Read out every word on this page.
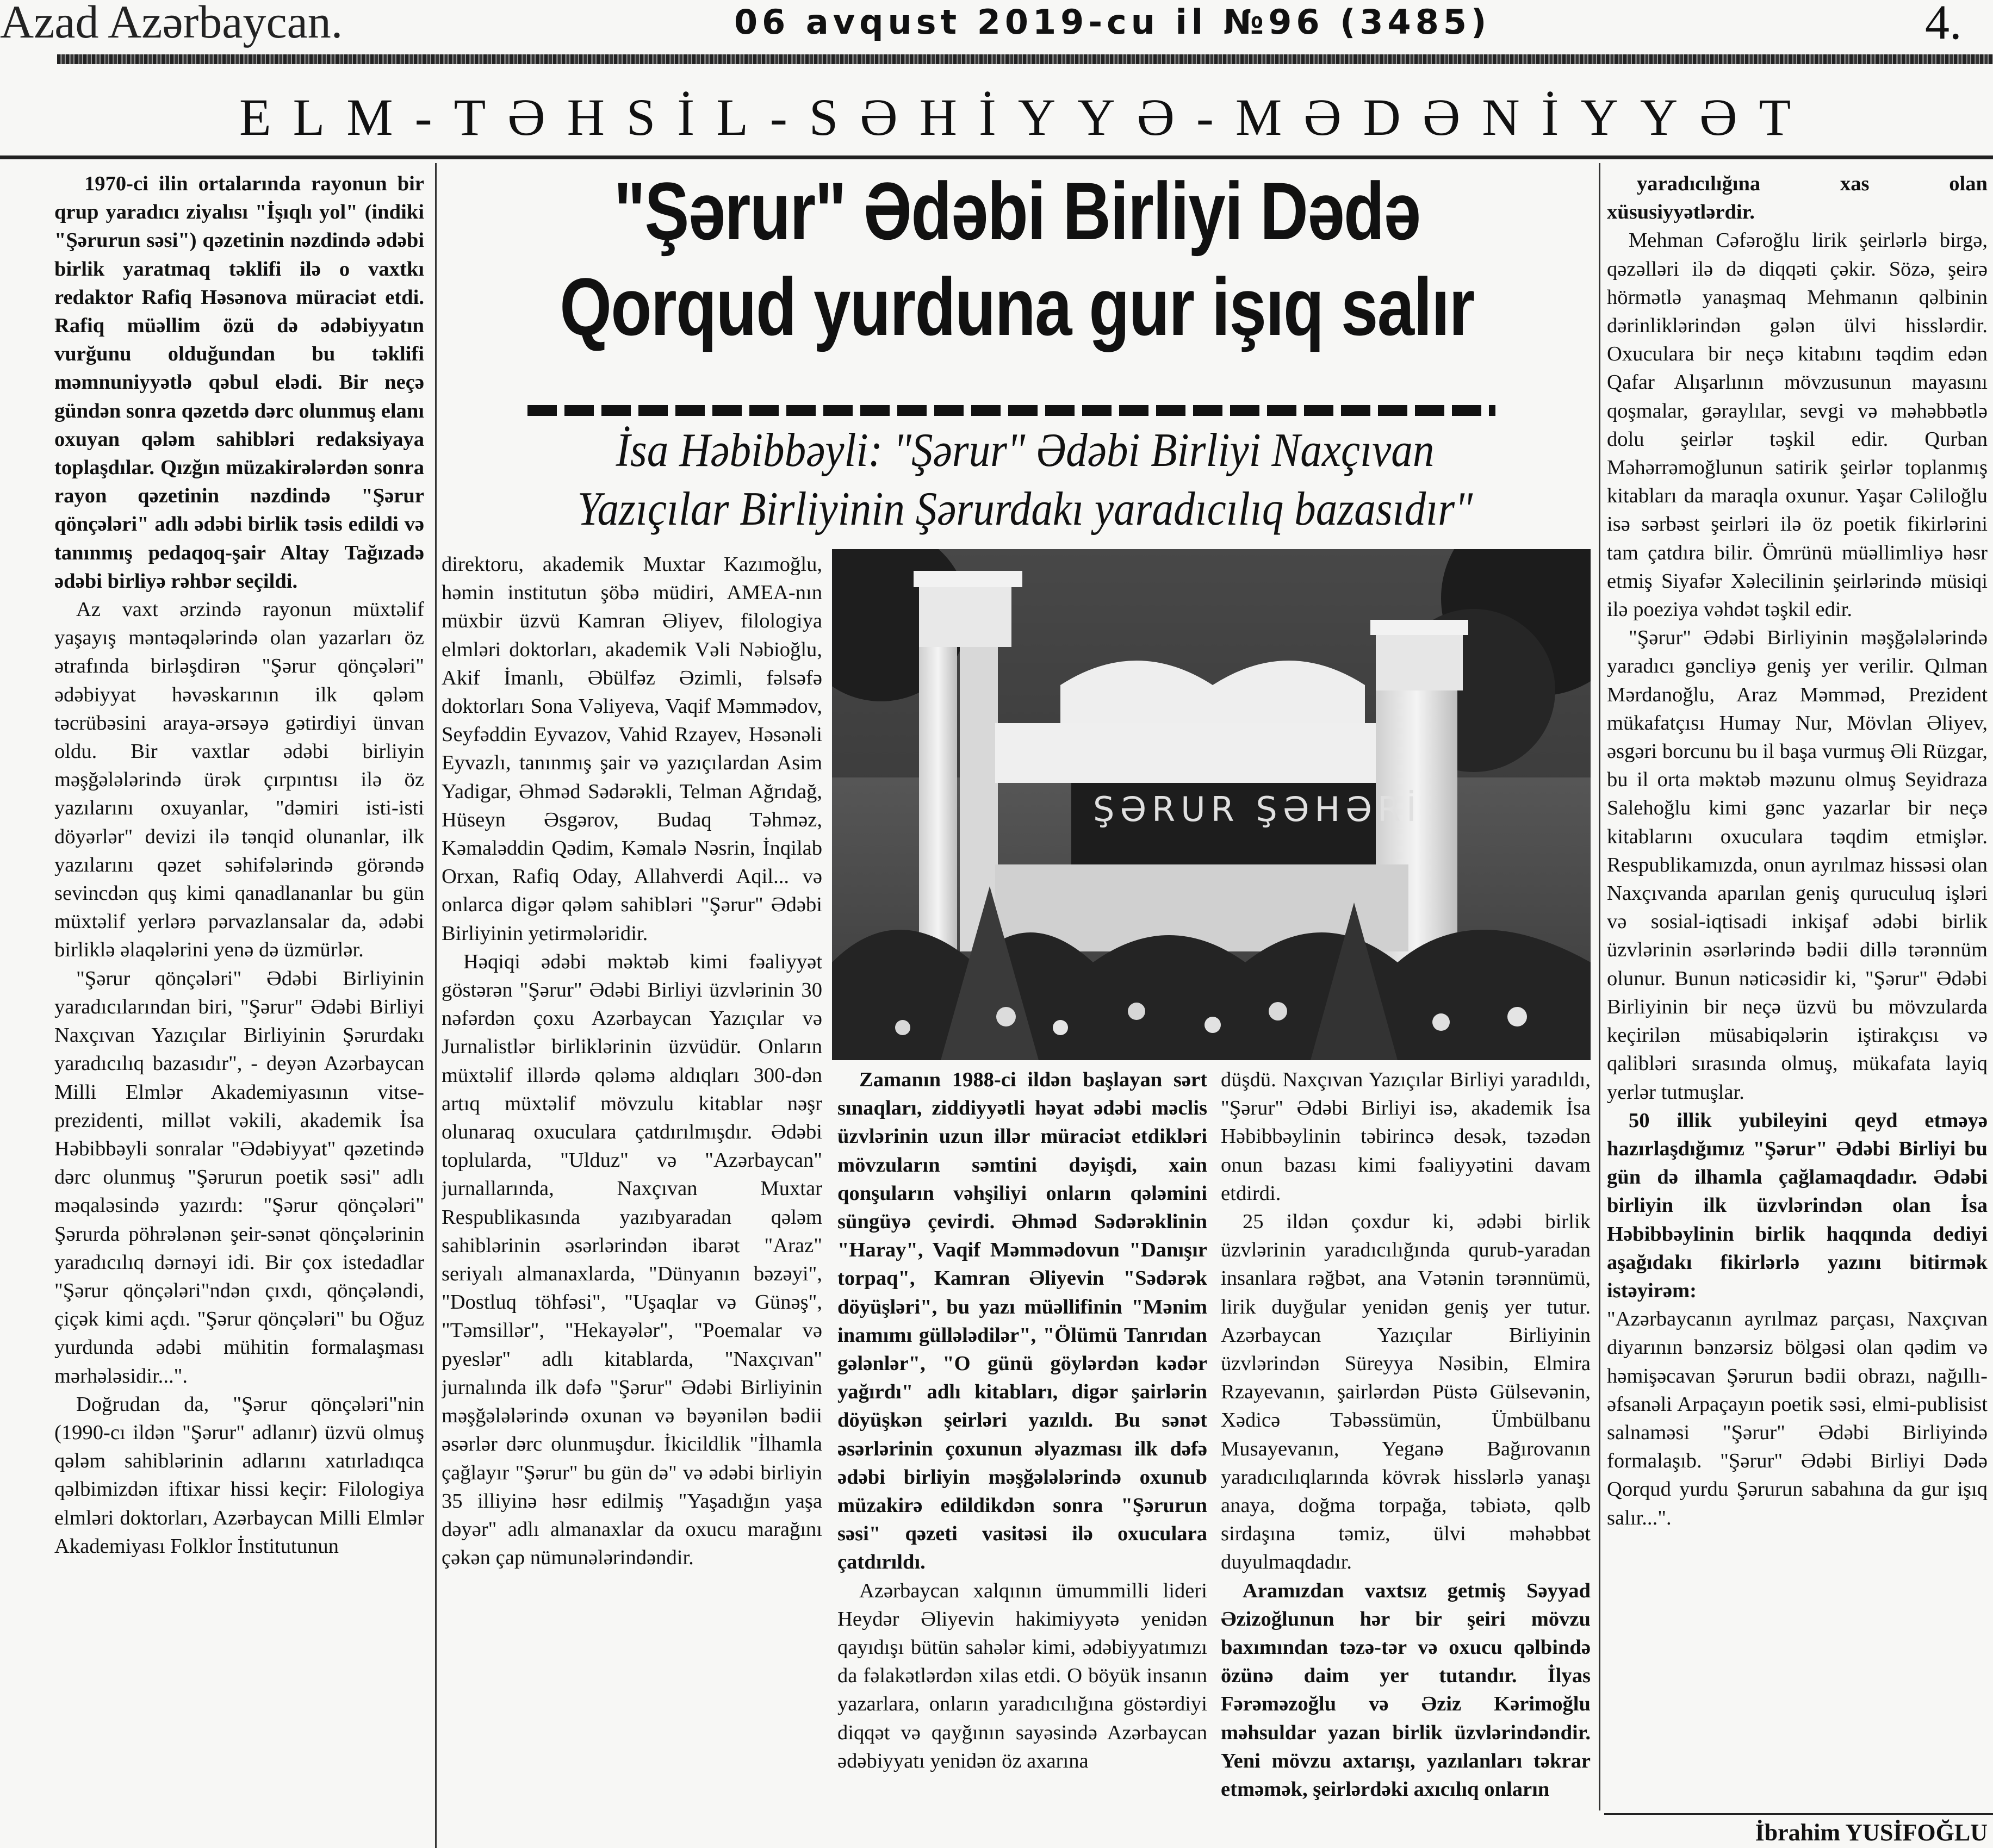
Azad Azərbaycan.	06 avqust 2019-cu il №96 (3485)	4.
ELM-TƏHSİL-SƏHİYYƏ-MƏDƏNİYYƏT
"Şərur" Ədəbi Birliyi Dədə
Qorqud yurduna gur işıq salır
İsa Həbibbəyli: "Şərur" Ədəbi Birliyi Naxçıvan
Yazıçılar Birliyinin Şərurdakı yaradıcılıq bazasıdır"

1970-ci ilin ortalarında rayonun bir qrup yaradıcı ziyalısı "İşıqlı yol" (indiki "Şərurun səsi") qəzetinin nəzdində ədəbi birlik yaratmaq təklifi ilə o vaxtkı redaktor Rafiq Həsənova müraciət etdi. Rafiq müəllim özü də ədəbiyyatın vurğunu olduğundan bu təklifi məmnuniyyətlə qəbul elədi. Bir neçə gündən sonra qəzetdə dərc olunmuş elanı oxuyan qələm sahibləri redaksiyaya toplaşdılar. Qızğın müzakirələrdən sonra rayon qəzetinin nəzdində "Şərur qönçələri" adlı ədəbi birlik təsis edildi və tanınmış pedaqoq-şair Altay Tağızadə ədəbi birliyə rəhbər seçildi.

Az vaxt ərzində rayonun müxtəlif yaşayış məntəqələrində olan yazarları öz ətrafında birləşdirən "Şərur qönçələri" ədəbiyyat həvəskarının ilk qələm təcrübəsini araya-ərsəyə gətirdiyi ünvan oldu. Bir vaxtlar ədəbi birliyin məşğələlərində ürək çırpıntısı ilə öz yazılarını oxuyanlar, "dəmiri isti-isti döyərlər" devizi ilə tənqid olunanlar, ilk yazılarını qəzet səhifələrində görəndə sevincdən quş kimi qanadlananlar bu gün müxtəlif yerlərə pərvazlansalar da, ədəbi birliklə əlaqələrini yenə də üzmürlər.

"Şərur qönçələri" Ədəbi Birliyinin yaradıcılarından biri, "Şərur" Ədəbi Birliyi Naxçıvan Yazıçılar Birliyinin Şərurdakı yaradıcılıq bazasıdır", - deyən Azərbaycan Milli Elmlər Akademiyasının vitse-prezidenti, millət vəkili, akademik İsa Həbibbəyli sonralar "Ədəbiyyat" qəzetində dərc olunmuş "Şərurun poetik səsi" adlı məqaləsində yazırdı: "Şərur qönçələri" Şərurda pöhrələnən şeir-sənət qönçələrinin yaradıcılıq dərnəyi idi. Bir çox istedadlar "Şərur qönçələri"ndən çıxdı, qönçələndi, çiçək kimi açdı. "Şərur qönçələri" bu Oğuz yurdunda ədəbi mühitin formalaşması mərhələsidir...".

Doğrudan da, "Şərur qönçələri"nin (1990-cı ildən "Şərur" adlanır) üzvü olmuş qələm sahiblərinin adlarını xatırladıqca qəlbimizdən iftixar hissi keçir: Filologiya elmləri doktorları, Azərbaycan Milli Elmlər Akademiyası Folklor İnstitutunun

direktoru, akademik Muxtar Kazımoğlu, həmin institutun şöbə müdiri, AMEA-nın müxbir üzvü Kamran Əliyev, filologiya elmləri doktorları, akademik Vəli Nəbioğlu, Akif İmanlı, Əbülfəz Əzimli, fəlsəfə doktorları Sona Vəliyeva, Vaqif Məmmədov, Seyfəddin Eyvazov, Vahid Rzayev, Həsənəli Eyvazlı, tanınmış şair və yazıçılardan Asim Yadigar, Əhməd Sədərəkli, Telman Ağrıdağ, Hüseyn Əsgərov, Budaq Təhməz, Kəmaləddin Qədim, Kəmalə Nəsrin, İnqilab Orxan, Rafiq Oday, Allahverdi Aqil... və onlarca digər qələm sahibləri "Şərur" Ədəbi Birliyinin yetirmələridir.

Həqiqi ədəbi məktəb kimi fəaliyyət göstərən "Şərur" Ədəbi Birliyi üzvlərinin 30 nəfərdən çoxu Azərbaycan Yazıçılar və Jurnalistlər birliklərinin üzvüdür. Onların müxtəlif illərdə qələmə aldıqları 300-dən artıq müxtəlif mövzulu kitablar nəşr olunaraq oxuculara çatdırılmışdır. Ədəbi toplularda, "Ulduz" və "Azərbaycan" jurnallarında, Naxçıvan Muxtar Respublikasında yazıbyaradan qələm sahiblərinin əsərlərindən ibarət "Araz" seriyalı almanaxlarda, "Dünyanın bəzəyi", "Dostluq töhfəsi", "Uşaqlar və Günəş", "Təmsillər", "Hekayələr", "Poemalar və pyeslər" adlı kitablarda, "Naxçıvan" jurnalında ilk dəfə "Şərur" Ədəbi Birliyinin məşğələlərində oxunan və bəyənilən bədii əsərlər dərc olunmuşdur. İkicildlik "İlhamla çağlayır "Şərur" bu gün də" və ədəbi birliyin 35 illiyinə həsr edilmiş "Yaşadığın yaşa dəyər" adlı almanaxlar da oxucu marağını çəkən çap nümunələrindəndir.

ŞƏRUR ŞƏHƏRİ

Zamanın 1988-ci ildən başlayan sərt sınaqları, ziddiyyətli həyat ədəbi məclis üzvlərinin uzun illər müraciət etdikləri mövzuların səmtini dəyişdi, xain qonşuların vəhşiliyi onların qələmini süngüyə çevirdi. Əhməd Sədərəklinin "Haray", Vaqif Məmmədovun "Danışır torpaq", Kamran Əliyevin "Sədərək döyüşləri", bu yazı müəllifinin "Mənim inamımı güllələdilər", "Ölümü Tanrıdan gələnlər", "O günü göylərdən kədər yağırdı" adlı kitabları, digər şairlərin döyüşkən şeirləri yazıldı. Bu sənət əsərlərinin çoxunun əlyazması ilk dəfə ədəbi birliyin məşğələlərində oxunub müzakirə edildikdən sonra "Şərurun səsi" qəzeti vasitəsi ilə oxuculara çatdırıldı.

Azərbaycan xalqının ümummilli lideri Heydər Əliyevin hakimiyyətə yenidən qayıdışı bütün sahələr kimi, ədəbiyyatımızı da fəlakətlərdən xilas etdi. O böyük insanın yazarlara, onların yaradıcılığına göstərdiyi diqqət və qayğının sayəsində Azərbaycan ədəbiyyatı yenidən öz axarına

düşdü. Naxçıvan Yazıçılar Birliyi yaradıldı, "Şərur" Ədəbi Birliyi isə, akademik İsa Həbibbəylinin təbirincə desək, təzədən onun bazası kimi fəaliyyətini davam etdirdi.

25 ildən çoxdur ki, ədəbi birlik üzvlərinin yaradıcılığında qurub-yaradan insanlara rəğbət, ana Vətənin tərənnümü, lirik duyğular yenidən geniş yer tutur. Azərbaycan Yazıçılar Birliyinin üzvlərindən Süreyya Nəsibin, Elmira Rzayevanın, şairlərdən Püstə Gülsevənin, Xədicə Təbəssümün, Ümbülbanu Musayevanın, Yeganə Bağırovanın yaradıcılıqlarında kövrək hisslərlə yanaşı anaya, doğma torpağa, təbiətə, qəlb sirdaşına təmiz, ülvi məhəbbət duyulmaqdadır.

Aramızdan vaxtsız getmiş Səyyad Əzizoğlunun hər bir şeiri mövzu baxımından təzə-tər və oxucu qəlbində özünə daim yer tutandır. İlyas Fərəməzoğlu və Əziz Kərimoğlu məhsuldar yazan birlik üzvlərindəndir. Yeni mövzu axtarışı, yazılanları təkrar etməmək, şeirlərdəki axıcılıq onların

yaradıcılığına xas olan xüsusiyyətlərdir.

Mehman Cəfəroğlu lirik şeirlərlə birgə, qəzəlləri ilə də diqqəti çəkir. Sözə, şeirə hörmətlə yanaşmaq Mehmanın qəlbinin dərinliklərindən gələn ülvi hisslərdir. Oxuculara bir neçə kitabını təqdim edən Qafar Alışarlının mövzusunun mayasını qoşmalar, gəraylılar, sevgi və məhəbbətlə dolu şeirlər təşkil edir. Qurban Məhərrəmoğlunun satirik şeirlər toplanmış kitabları da maraqla oxunur. Yaşar Cəliloğlu isə sərbəst şeirləri ilə öz poetik fikirlərini tam çatdıra bilir. Ömrünü müəllimliyə həsr etmiş Siyafər Xəlecilinin şeirlərində müsiqi ilə poeziya vəhdət təşkil edir.

"Şərur" Ədəbi Birliyinin məşğələlərində yaradıcı gəncliyə geniş yer verilir. Qılman Mərdanoğlu, Araz Məmməd, Prezident mükafatçısı Humay Nur, Mövlan Əliyev, əsgəri borcunu bu il başa vurmuş Əli Rüzgar, bu il orta məktəb məzunu olmuş Seyidraza Salehoğlu kimi gənc yazarlar bir neçə kitablarını oxuculara təqdim etmişlər. Respublikamızda, onun ayrılmaz hissəsi olan Naxçıvanda aparılan geniş quruculuq işləri və sosial-iqtisadi inkişaf ədəbi birlik üzvlərinin əsərlərində bədii dillə tərənnüm olunur. Bunun nəticəsidir ki, "Şərur" Ədəbi Birliyinin bir neçə üzvü bu mövzularda keçirilən müsabiqələrin iştirakçısı və qalibləri sırasında olmuş, mükafata layiq yerlər tutmuşlar.

50 illik yubileyini qeyd etməyə hazırlaşdığımız "Şərur" Ədəbi Birliyi bu gün də ilhamla çağlamaqdadır. Ədəbi birliyin ilk üzvlərindən olan İsa Həbibbəylinin birlik haqqında dediyi aşağıdakı fikirlərlə yazını bitirmək istəyirəm:

"Azərbaycanın ayrılmaz parçası, Naxçıvan diyarının bənzərsiz bölgəsi olan qədim və həmişəcavan Şərurun bədii obrazı, nağıllı-əfsanəli Arpaçayın poetik səsi, elmi-publisist salnaməsi "Şərur" Ədəbi Birliyində formalaşıb. "Şərur" Ədəbi Birliyi Dədə Qorqud yurdu Şərurun sabahına da gur işıq salır...".

İbrahim YUSİFOĞLU
